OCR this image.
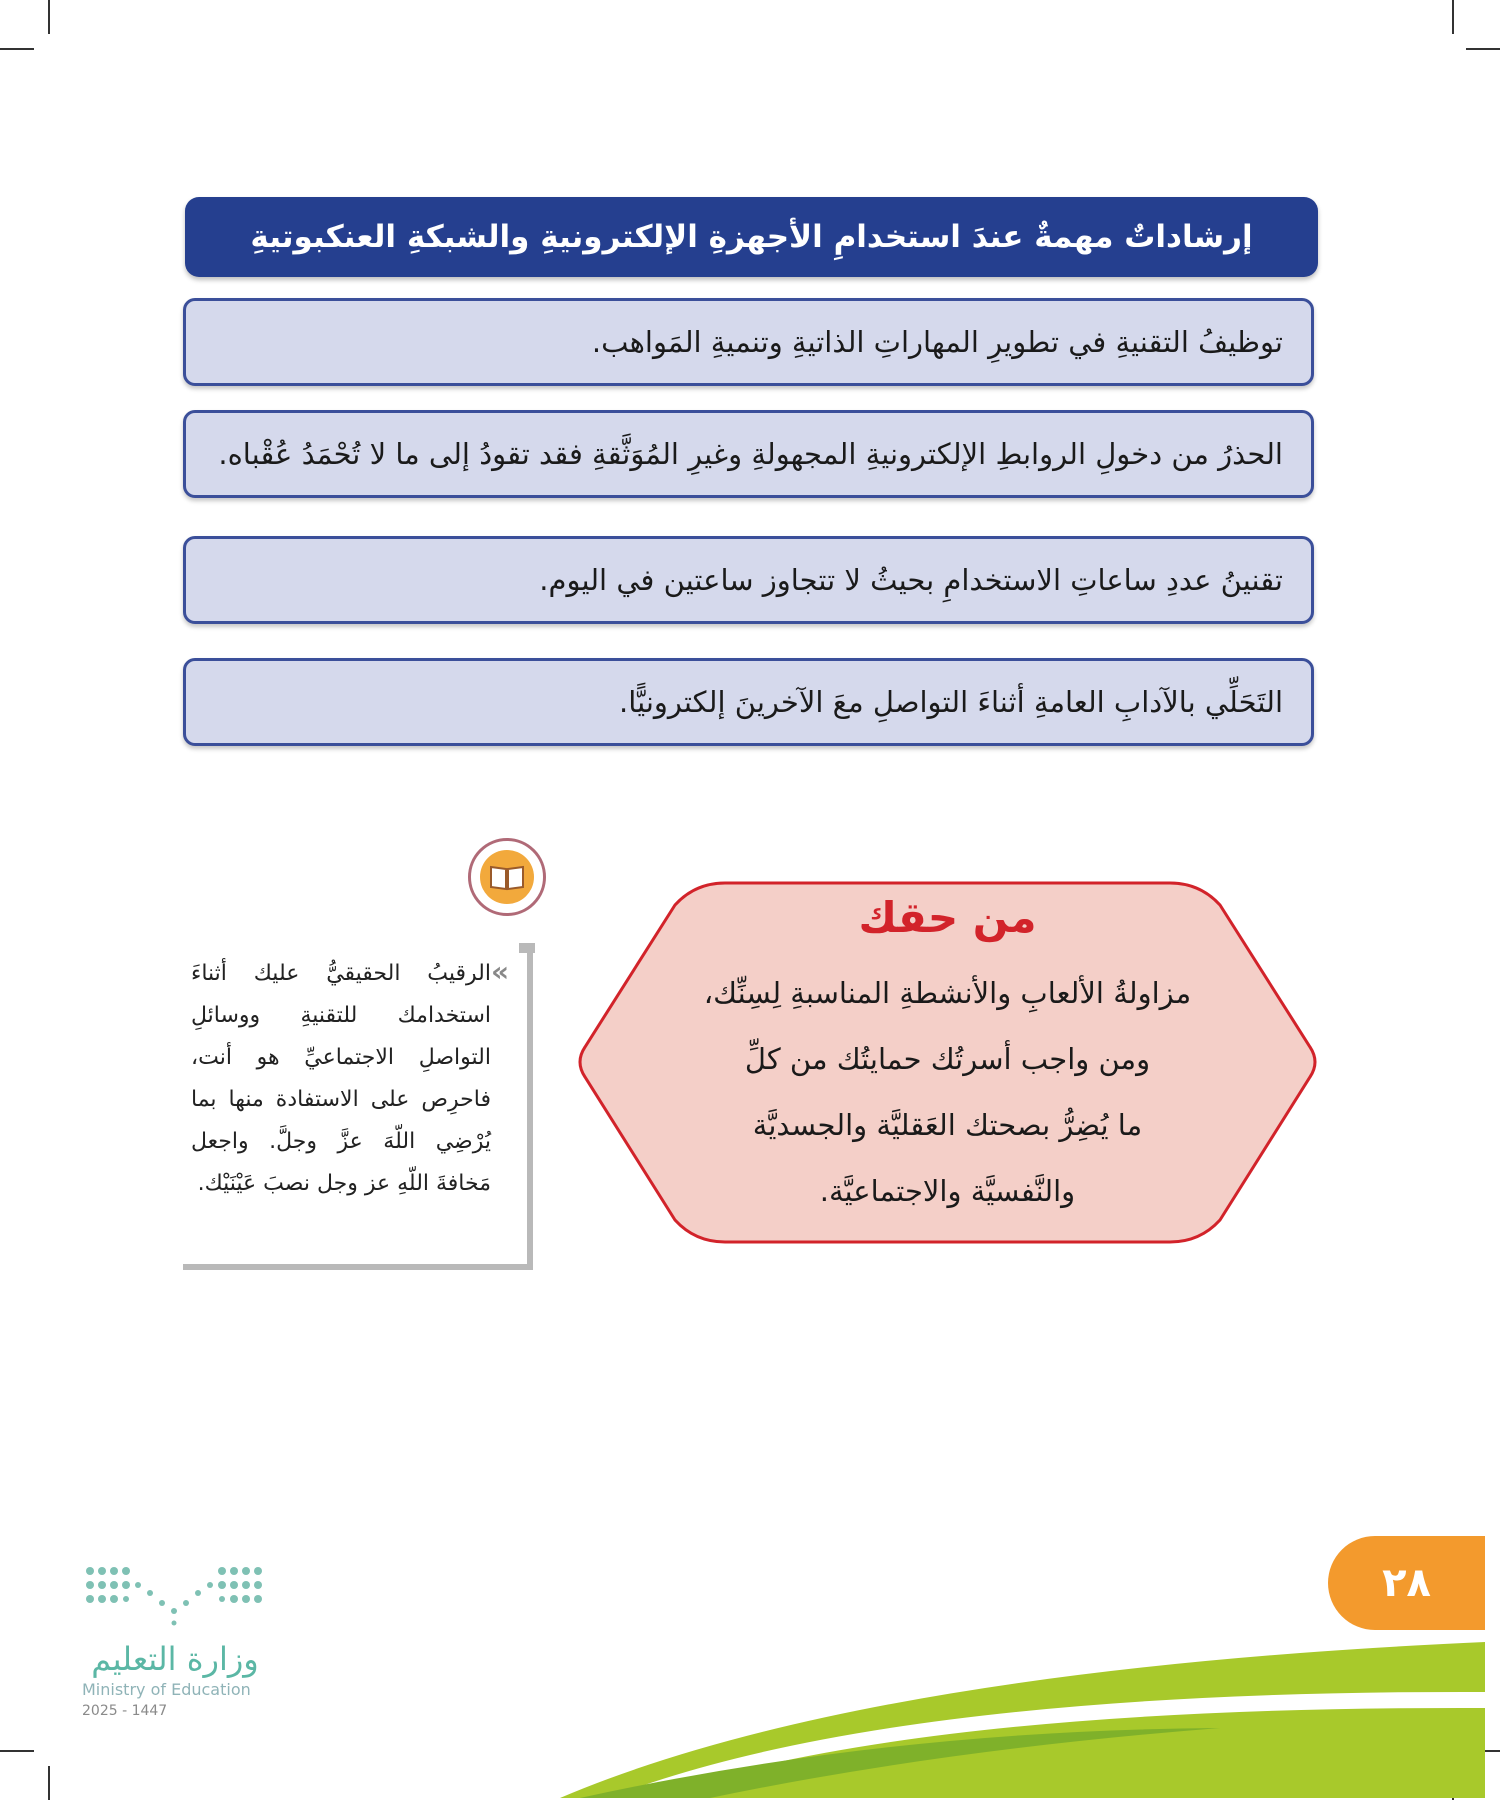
إرشاداتٌ مهمةٌ عندَ استخدامِ الأجهزةِ الإلكترونيةِ والشبكةِ العنكبوتيةِ
توظيفُ التقنيةِ في تطويرِ المهاراتِ الذاتيةِ وتنميةِ المَواهب.
الحذرُ من دخولِ الروابطِ الإلكترونيةِ المجهولةِ وغيرِ المُوَثَّقةِ فقد تقودُ إلى ما لا تُحْمَدُ عُقْباه.
تقنينُ عددِ ساعاتِ الاستخدامِ بحيثُ لا تتجاوز ساعتين في اليوم.
التَحَلِّي بالآدابِ العامةِ أثناءَ التواصلِ معَ الآخرينَ إلكترونيًّا.
«
الرقيبُ الحقيقيُّ عليك أثناءَ استخدامك للتقنيةِ ووسائلِ التواصلِ الاجتماعيِّ هو أنت، فاحرِص على الاستفادة منها بما يُرْضِي اللّهَ عزَّ وجلَّ. واجعل مَخافةَ اللّهِ عز وجل نصبَ عَيْنَيْك.
من حقك
مزاولةُ الألعابِ والأنشطةِ المناسبةِ لِسِنِّك،
ومن واجب أسرتُك حمايتُك من كلِّ
ما يُضِرُّ بصحتك العَقليَّة والجسديَّة
والنَّفسيَّة والاجتماعيَّة.
٢٨
وزارة التعليم
Ministry of Education
2025 - 1447
